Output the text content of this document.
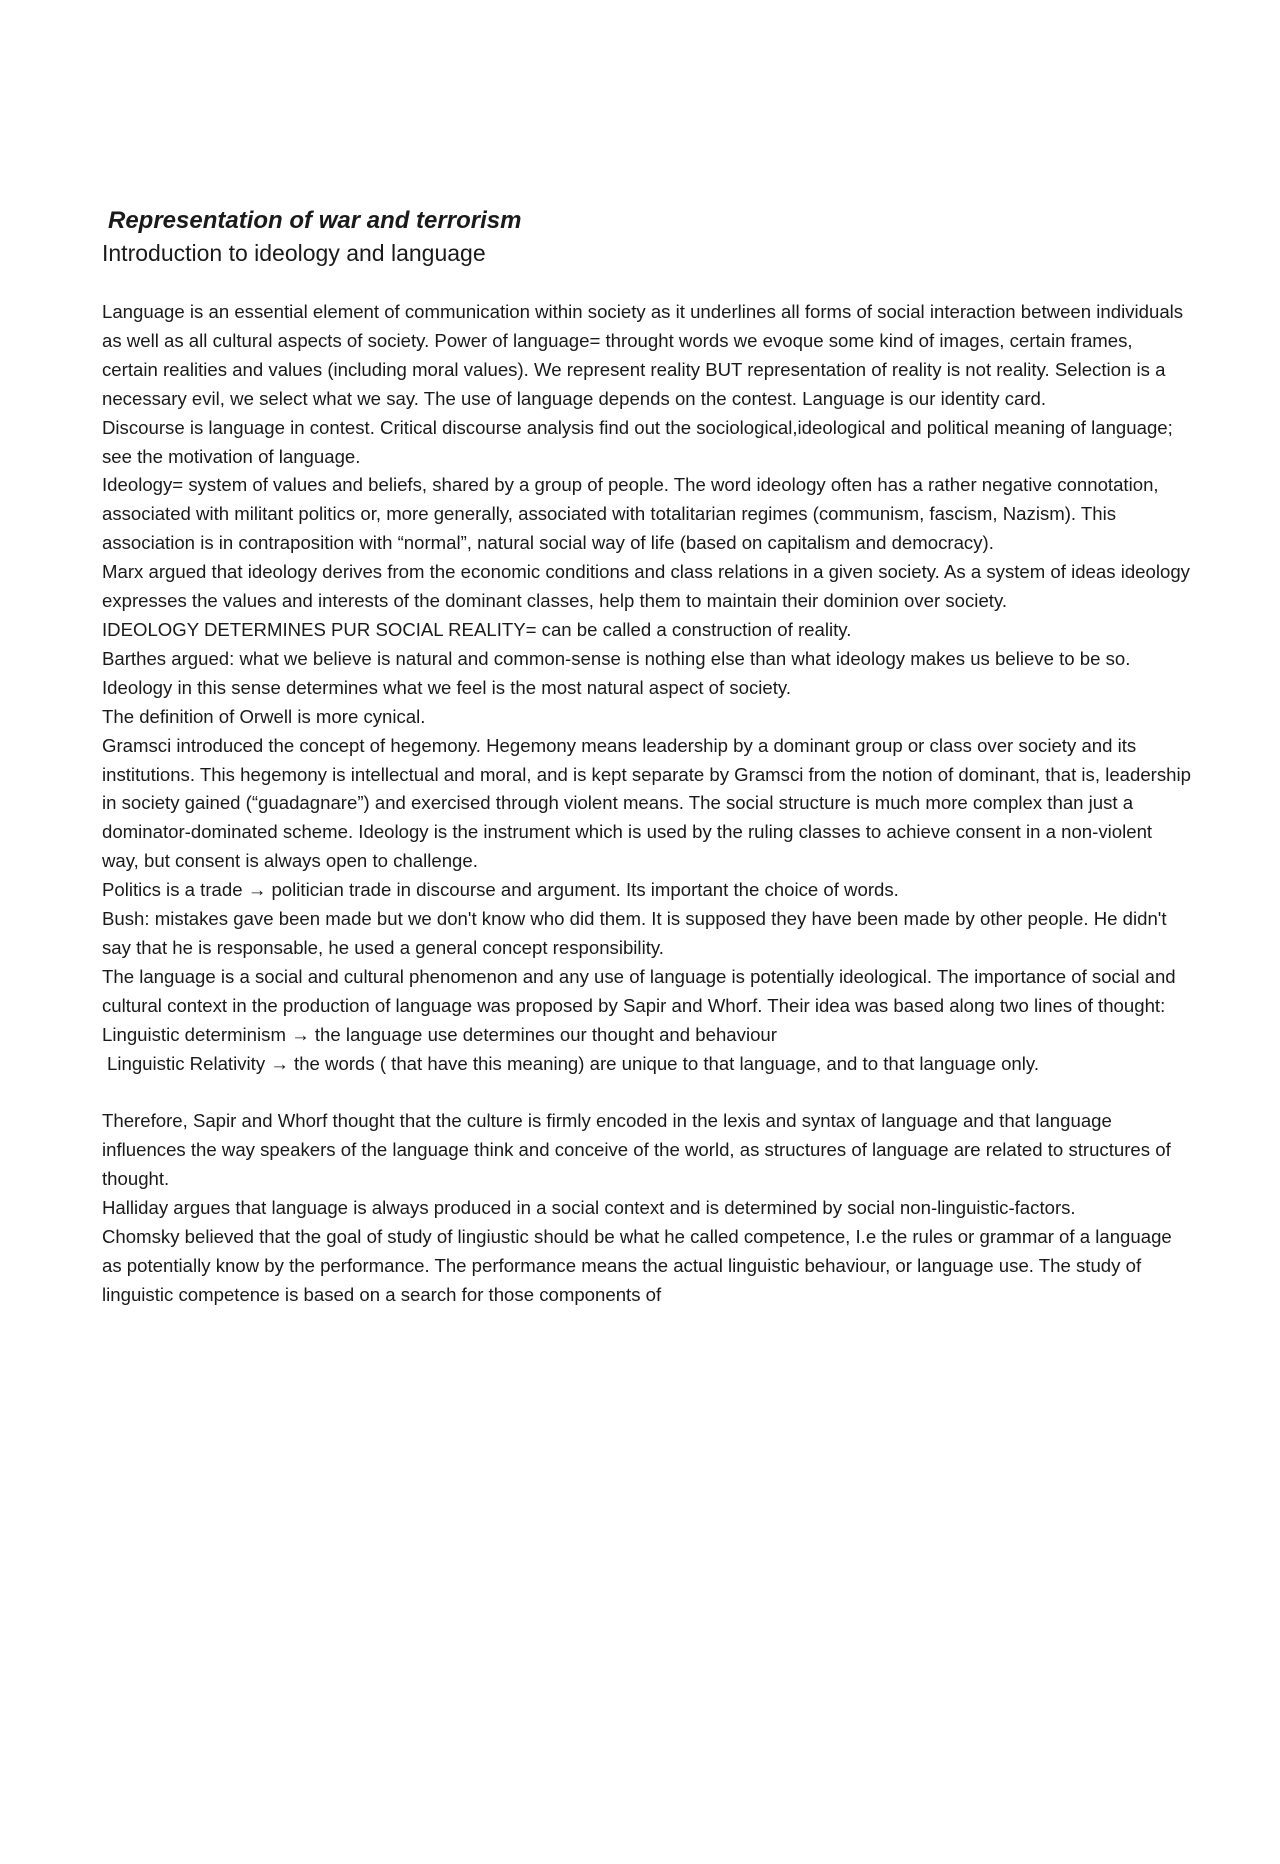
Representation of war and terrorism
Introduction to ideology and language

Language is an essential element of communication within society as it underlines all forms of social interaction between individuals as well as all cultural aspects of society. Power of language= throught words we evoque some kind of images, certain frames, certain realities and values (including moral values). We represent reality BUT representation of reality is not reality. Selection is a necessary evil, we select what we say. The use of language depends on the contest. Language is our identity card.

Discourse is language in contest. Critical discourse analysis find out the sociological,ideological and political meaning of language; see the motivation of language.

Ideology= system of values and beliefs, shared by a group of people. The word ideology often has a rather negative connotation, associated with militant politics or, more generally, associated with totalitarian regimes (communism, fascism, Nazism). This association is in contraposition with “normal”, natural social way of life (based on capitalism and democracy).

Marx argued that ideology derives from the economic conditions and class relations in a given society. As a system of ideas ideology expresses the values and interests of the dominant classes, help them to maintain their dominion over society.

IDEOLOGY DETERMINES PUR SOCIAL REALITY= can be called a construction of reality.

Barthes argued: what we believe is natural and common-sense is nothing else than what ideology makes us believe to be so. Ideology in this sense determines what we feel is the most natural aspect of society.

The definition of Orwell is more cynical.

Gramsci introduced the concept of hegemony. Hegemony means leadership by a dominant group or class over society and its institutions. This hegemony is intellectual and moral, and is kept separate by Gramsci from the notion of dominant, that is, leadership in society gained (“guadagnare”) and exercised through violent means. The social structure is much more complex than just a dominator-dominated scheme. Ideology is the instrument which is used by the ruling classes to achieve consent in a non-violent way, but consent is always open to challenge.

Politics is a trade → politician trade in discourse and argument. Its important the choice of words.

Bush: mistakes gave been made but we don't know who did them. It is supposed they have been made by other people. He didn't say that he is responsable, he used a general concept responsibility.

The language is a social and cultural phenomenon and any use of language is potentially ideological. The importance of social and cultural context in the production of language was proposed by Sapir and Whorf. Their idea was based along two lines of thought:

Linguistic determinism → the language use determines our thought and behaviour

Linguistic Relativity → the words ( that have this meaning) are unique to that language, and to that language only.

Therefore, Sapir and Whorf thought that the culture is firmly encoded in the lexis and syntax of language and that language influences the way speakers of the language think and conceive of the world, as structures of language are related to structures of thought.

Halliday argues that language is always produced in a social context and is determined by social non-linguistic-factors.

Chomsky believed that the goal of study of lingiustic should be what he called competence, I.e the rules or grammar of a language as potentially know by the performance. The performance means the actual linguistic behaviour, or language use. The study of linguistic competence is based on a search for those components of
